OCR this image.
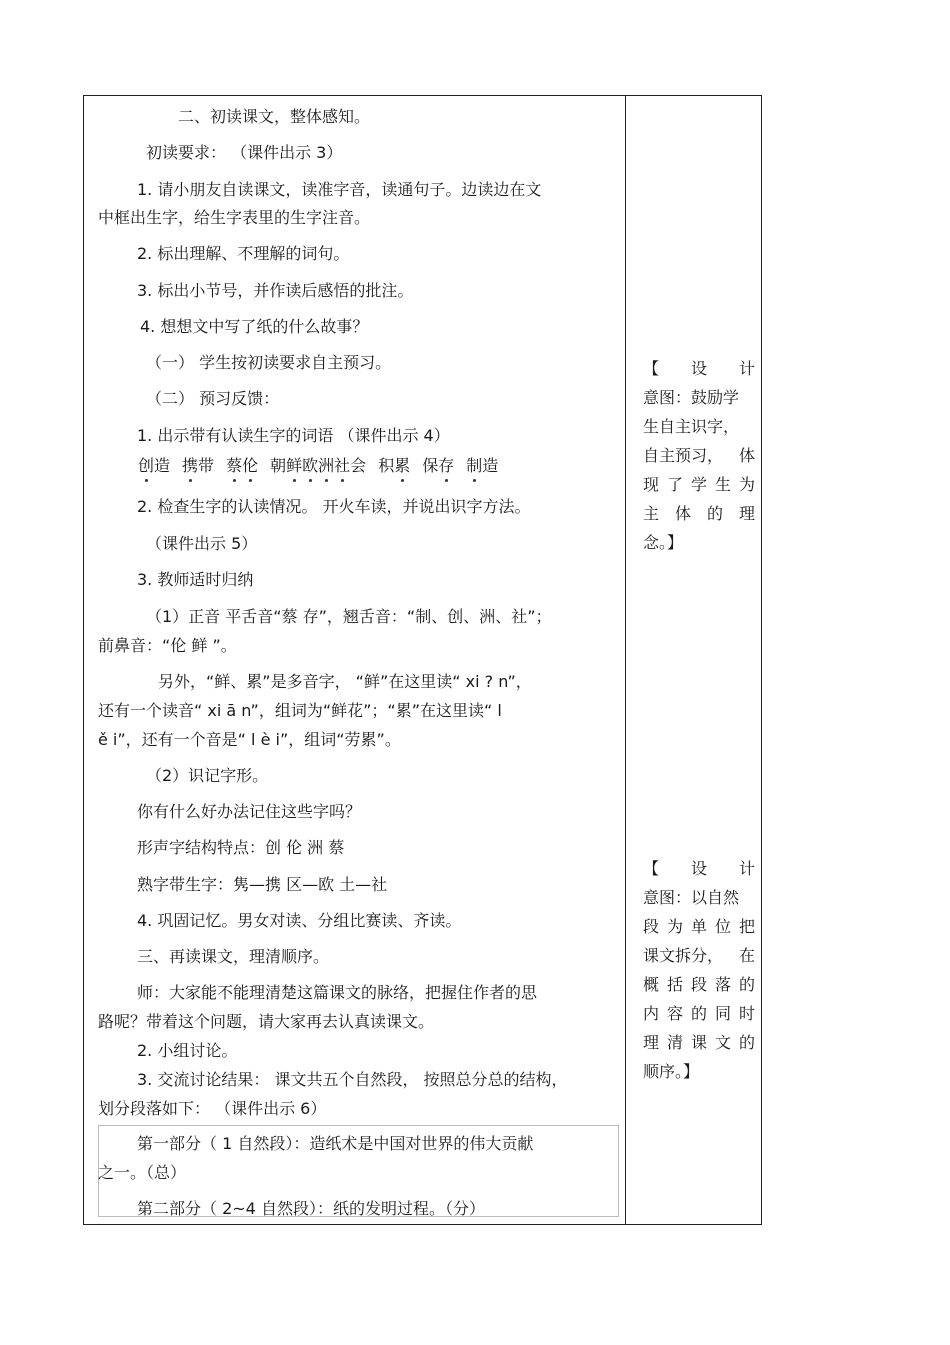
二、初读课文，整体感知。
初读要求： （课件出示 3）
1. 请小朋友自读课文，读准字音，读通句子。边读边在文
中框出生字，给生字表里的生字注音。
2. 标出理解、不理解的词句。
3. 标出小节号，并作读后感悟的批注。
4. 想想文中写了纸的什么故事？
（一） 学生按初读要求自主预习。
（二） 预习反馈：
1. 出示带有认读生字的词语 （课件出示 4）
创造 携带 蔡伦 朝鲜欧洲社会 积累 保存 制造
2. 检查生字的认读情况。 开火车读，并说出识字方法。
（课件出示 5）
3. 教师适时归纳
（1）正音 平舌音“蔡 存”，翘舌音：“制、创、洲、社”；
前鼻音：“伦 鲜 ”。
另外，“鲜、累”是多音字， “鲜”在这里读“ xi ? n”，
还有一个读音“ xi ā n”，组词为“鲜花”；“累”在这里读“ l
ě i”，还有一个音是“ l è i”，组词“劳累”。
（2）识记字形。
你有什么好办法记住这些字吗？
形声字结构特点：创 伦 洲 蔡
熟字带生字：隽—携 区—欧 土—社
4. 巩固记忆。男女对读、分组比赛读、齐读。
三、再读课文，理清顺序。
师：大家能不能理清楚这篇课文的脉络，把握住作者的思
路呢？带着这个问题，请大家再去认真读课文。
2. 小组讨论。
3. 交流讨论结果： 课文共五个自然段， 按照总分总的结构，
划分段落如下： （课件出示 6）
第一部分（ 1 自然段）：造纸术是中国对世界的伟大贡献
之一。（总）
第二部分（ 2~4 自然段）：纸的发明过程。（分）
【 设 计
意图：鼓励学
生自主识字，
自主预习， 体
现 了 学 生 为
主 体 的 理
念。】
【 设 计
意图：以自然
段 为 单 位 把
课文拆分， 在
概 括 段 落 的
内 容 的 同 时
理 清 课 文 的
顺序。】
